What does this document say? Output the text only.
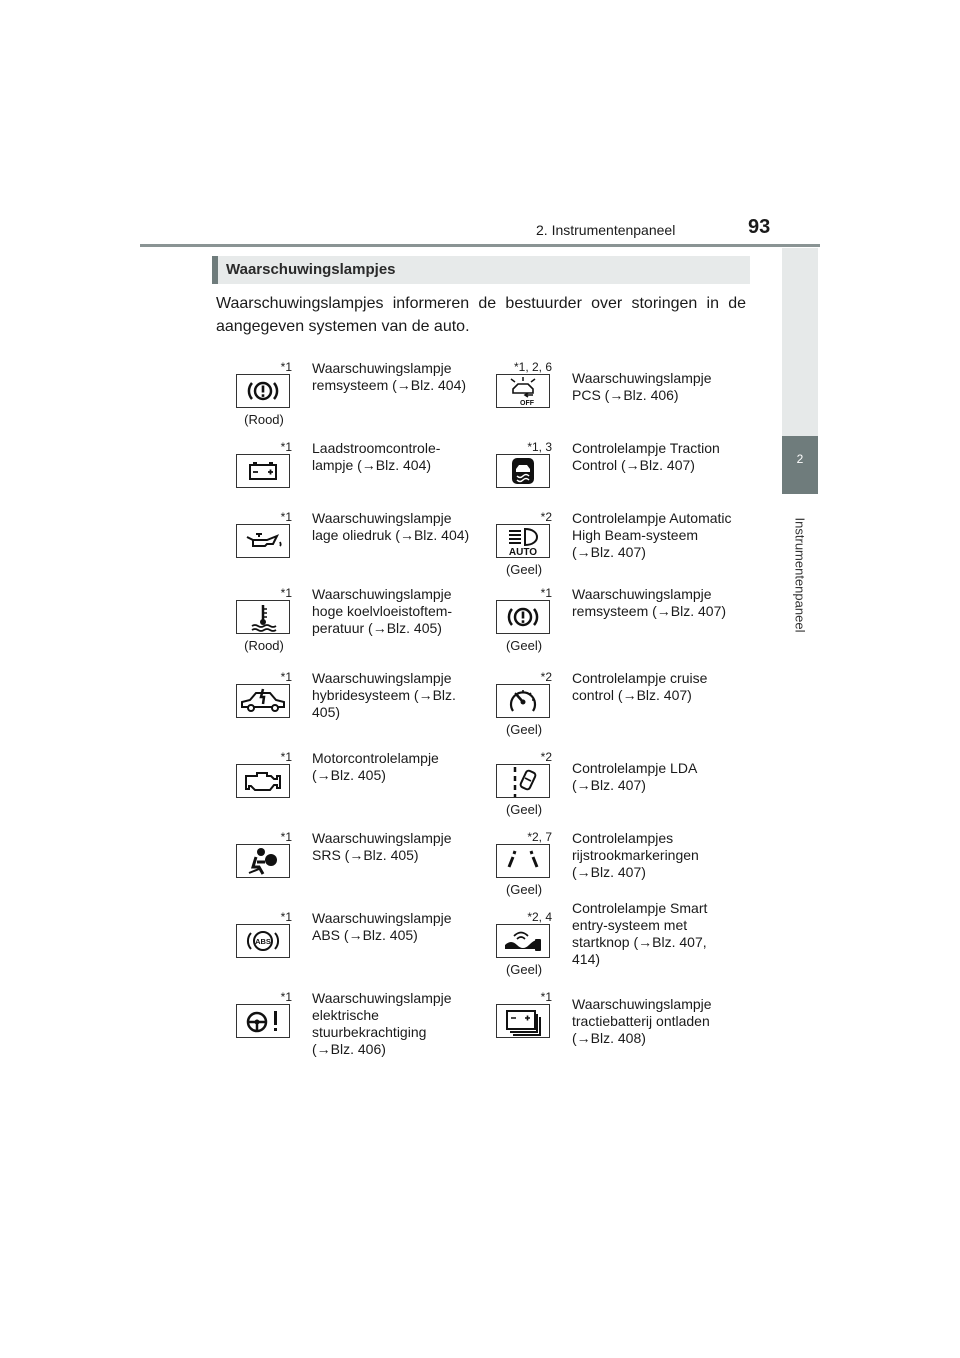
2. Instrumentenpaneel	93
2
Instrumentenpaneel
Waarschuwingslampjes
Waarschuwingslampjes informeren de bestuurder over storingen in de aangegeven systemen van de auto.
*1
(Rood)
Waarschuwingslampje remsysteem (→Blz. 404)
*1 Laadstroomcontrole-lampje (→Blz. 404)
*1 Waarschuwingslampje lage oliedruk (→Blz. 404)
*1
(Rood)
Waarschuwingslampje hoge koelvloeistoftem-peratuur (→Blz. 405)
*1 Waarschuwingslampje hybridesysteem (→Blz. 405)
*1 Motorcontrolelampje (→Blz. 405)
*1 Waarschuwingslampje SRS (→Blz. 405)
*1
ABS
Waarschuwingslampje ABS (→Blz. 405)
*1 Waarschuwingslampje elektrische stuurbekrachtiging (→Blz. 406)
*1, 2, 6
OFF
Waarschuwingslampje PCS (→Blz. 406)
*1, 3 Controlelampje Traction Control (→Blz. 407)
*2
AUTO
(Geel)
Controlelampje Automatic High Beam-systeem (→Blz. 407)
*1
(Geel)
Waarschuwingslampje remsysteem (→Blz. 407)
*2
(Geel)
Controlelampje cruise control (→Blz. 407)
*2
(Geel)
Controlelampje LDA (→Blz. 407)
*2, 7
(Geel)
Controlelampjes rijstrookmarkeringen (→Blz. 407)
*2, 4
(Geel)
Controlelampje Smart entry-systeem met startknop (→Blz. 407, 414)
*1 Waarschuwingslampje tractiebatterij ontladen (→Blz. 408)
